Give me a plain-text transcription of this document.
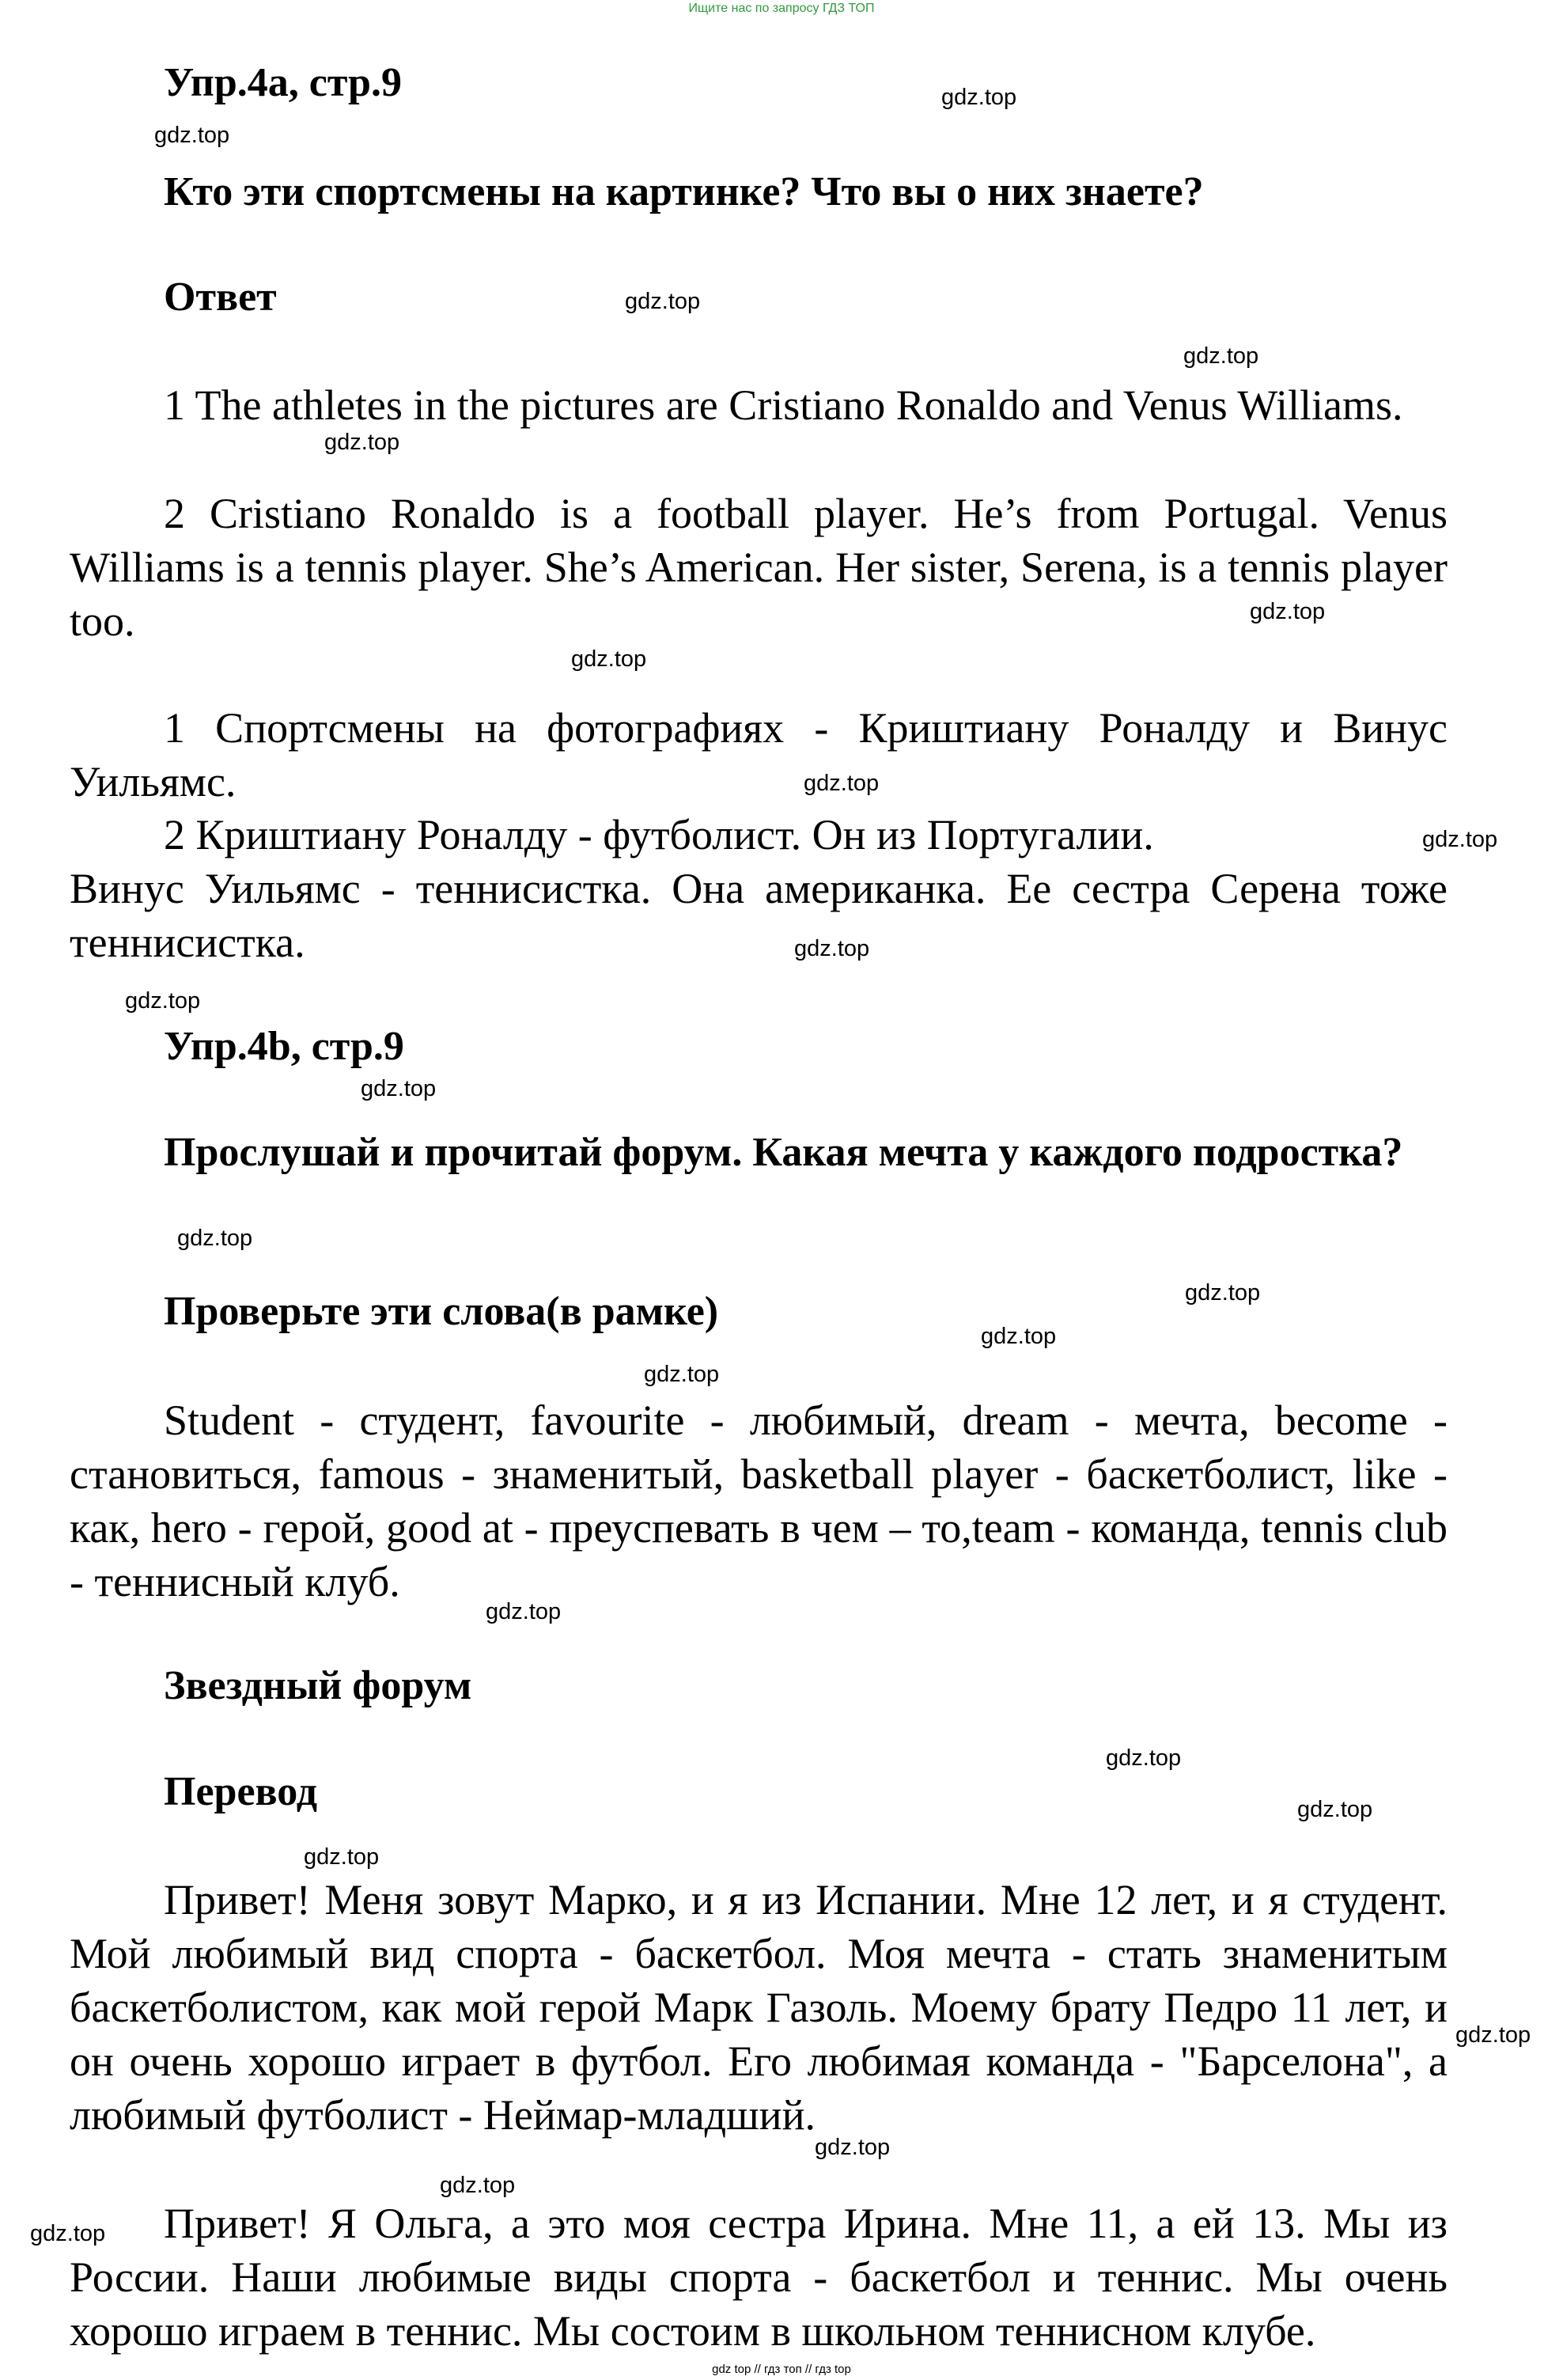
Ищите нас по запросу ГДЗ ТОП
Упр.4a, стр.9
Кто эти спортсмены на картинке? Что вы о них знаете?
Ответ
1 The athletes in the pictures are Cristiano Ronaldo and Venus Williams.
2 Cristiano Ronaldo is a football player. He’s from Portugal. Venus Williams is a tennis player. She’s American. Her sister, Serena, is a tennis player too.
1 Спортсмены на фотографиях - Криштиану Роналду и Винус Уильямс.
2 Криштиану Роналду - футболист. Он из Португалии.
Винус Уильямс - теннисистка. Она американка. Ее сестра Серена тоже теннисистка.
Упр.4b, стр.9
Прослушай и прочитай форум. Какая мечта у каждого подростка?
Проверьте эти слова(в рамке)
Student - студент, favourite - любимый, dream - мечта, become - становиться, famous - знаменитый, basketball player - баскетболист, like - как, hero - герой, good at - преуспевать в чем – то,team - команда, tennis club - теннисный клуб.
Звездный форум
Перевод
Привет! Меня зовут Марко, и я из Испании. Мне 12 лет, и я студент. Мой любимый вид спорта - баскетбол. Моя мечта - стать знаменитым баскетболистом, как мой герой Марк Газоль. Моему брату Педро 11 лет, и он очень хорошо играет в футбол. Его любимая команда - "Барселона", а любимый футболист - Неймар-младший.
Привет! Я Ольга, а это моя сестра Ирина. Мне 11, а ей 13. Мы из России. Наши любимые виды спорта - баскетбол и теннис. Мы очень хорошо играем в теннис. Мы состоим в школьном теннисном клубе.
gdz.top
gdz.top
gdz.top
gdz.top
gdz.top
gdz.top
gdz.top
gdz.top
gdz.top
gdz.top
gdz.top
gdz.top
gdz.top
gdz.top
gdz.top
gdz.top
gdz.top
gdz.top
gdz.top
gdz.top
gdz.top
gdz.top
gdz.top
gdz.top
gdz top // гдз топ // гдз top
